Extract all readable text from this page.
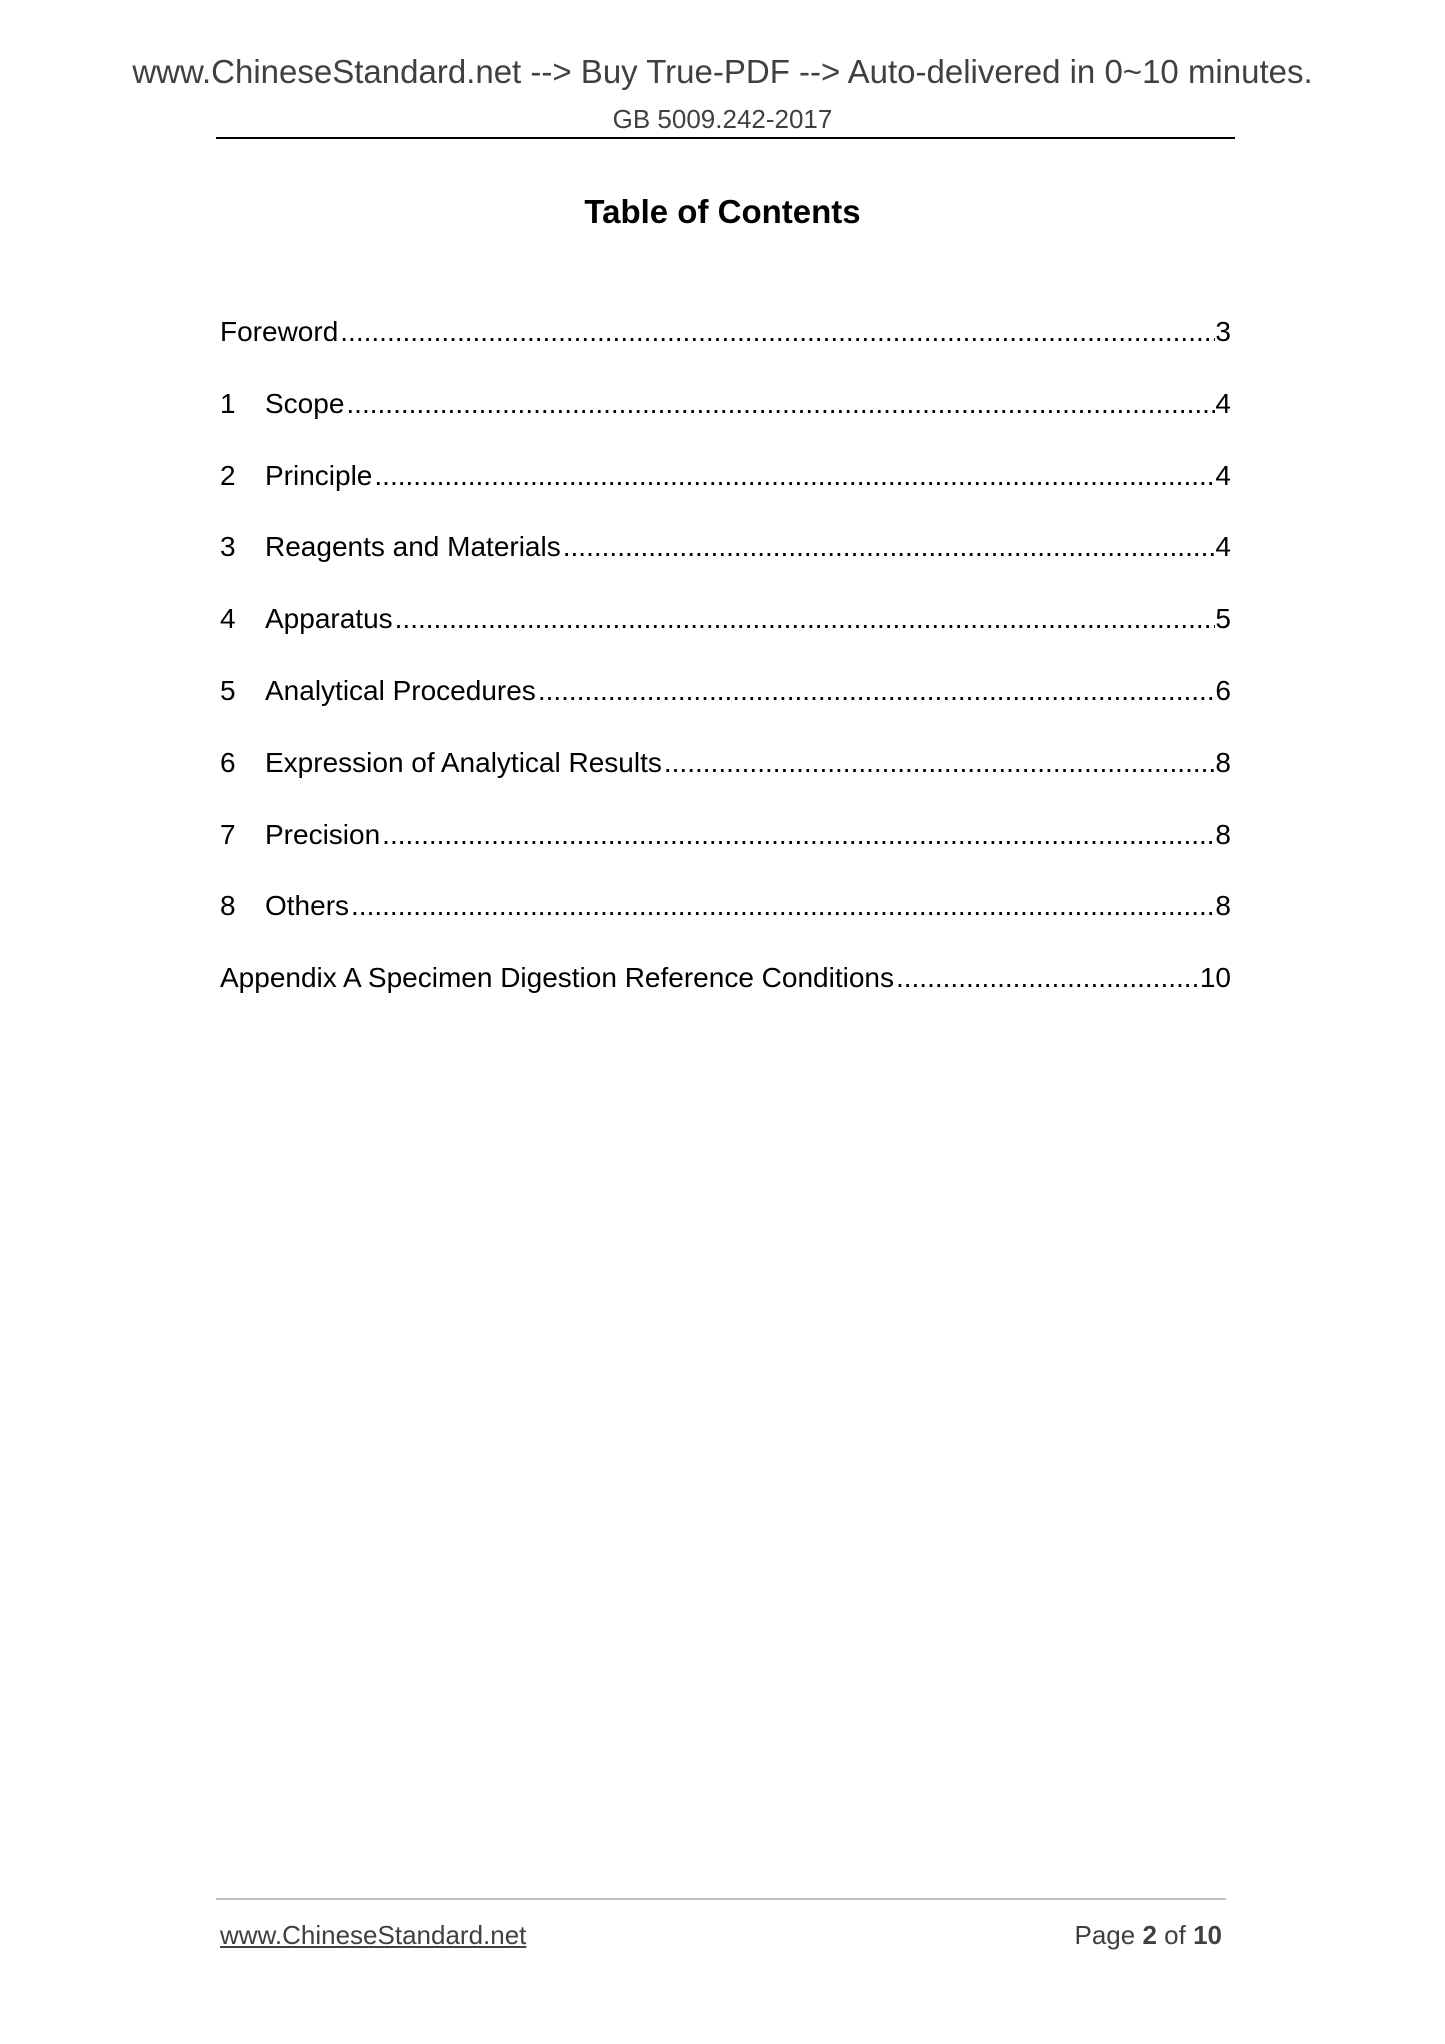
www.ChineseStandard.net --> Buy True-PDF --> Auto-delivered in 0~10 minutes.
GB 5009.242-2017
Table of Contents
Foreword .....	3
1	Scope .....	4
2	Principle .....	4
3	Reagents and Materials .....	4
4	Apparatus .....	5
5	Analytical Procedures .....	6
6	Expression of Analytical Results .....	8
7	Precision .....	8
8	Others .....	8
Appendix A Specimen Digestion Reference Conditions .....	10
www.ChineseStandard.net	Page 2 of 10
